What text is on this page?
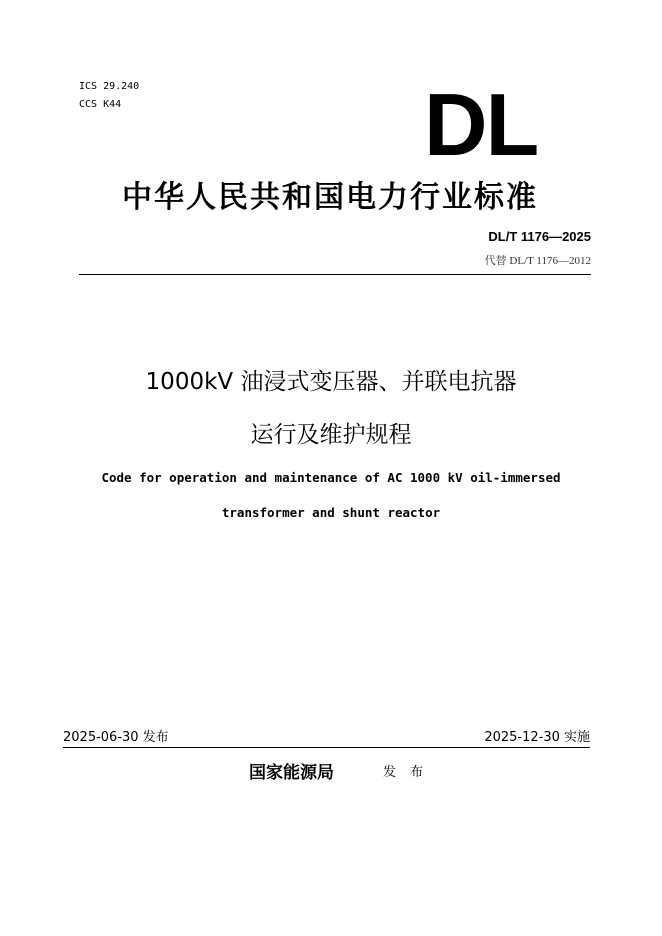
ICS 29.240
CCS K44	DL
中华人民共和国电力行业标准
DL/T 1176—2025
代替 DL/T 1176—2012
1000kV 油浸式变压器、并联电抗器
运行及维护规程
Code for operation and maintenance of AC 1000 kV oil-immersed
transformer and shunt reactor
2025-06-30 发布	2025-12-30 实施
国家能源局	发 布
